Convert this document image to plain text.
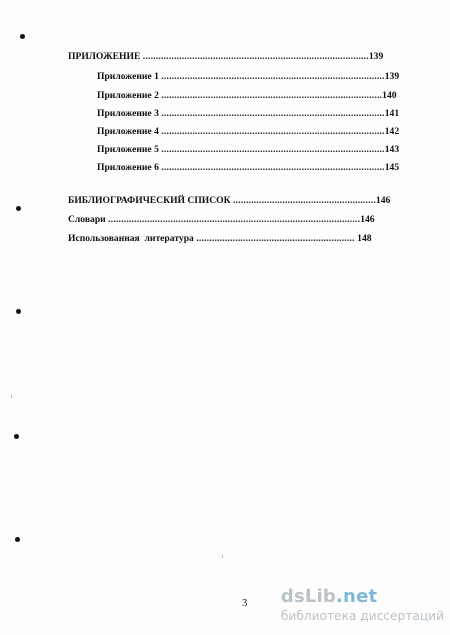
ПРИЛОЖЕНИЕ .......................................................................................139
Приложение 1 ......................................................................................139
Приложение 2 .....................................................................................140
Приложение 3 ......................................................................................141
Приложение 4 ......................................................................................142
Приложение 5 ......................................................................................143
Приложение 6 ......................................................................................145
БИБЛИОГРАФИЧЕСКИЙ СПИСОК .......................................................146
Словари .................................................................................................146
Использованная  литература ............................................................. 148
3 dsLib.net
библиотека диссертаций
